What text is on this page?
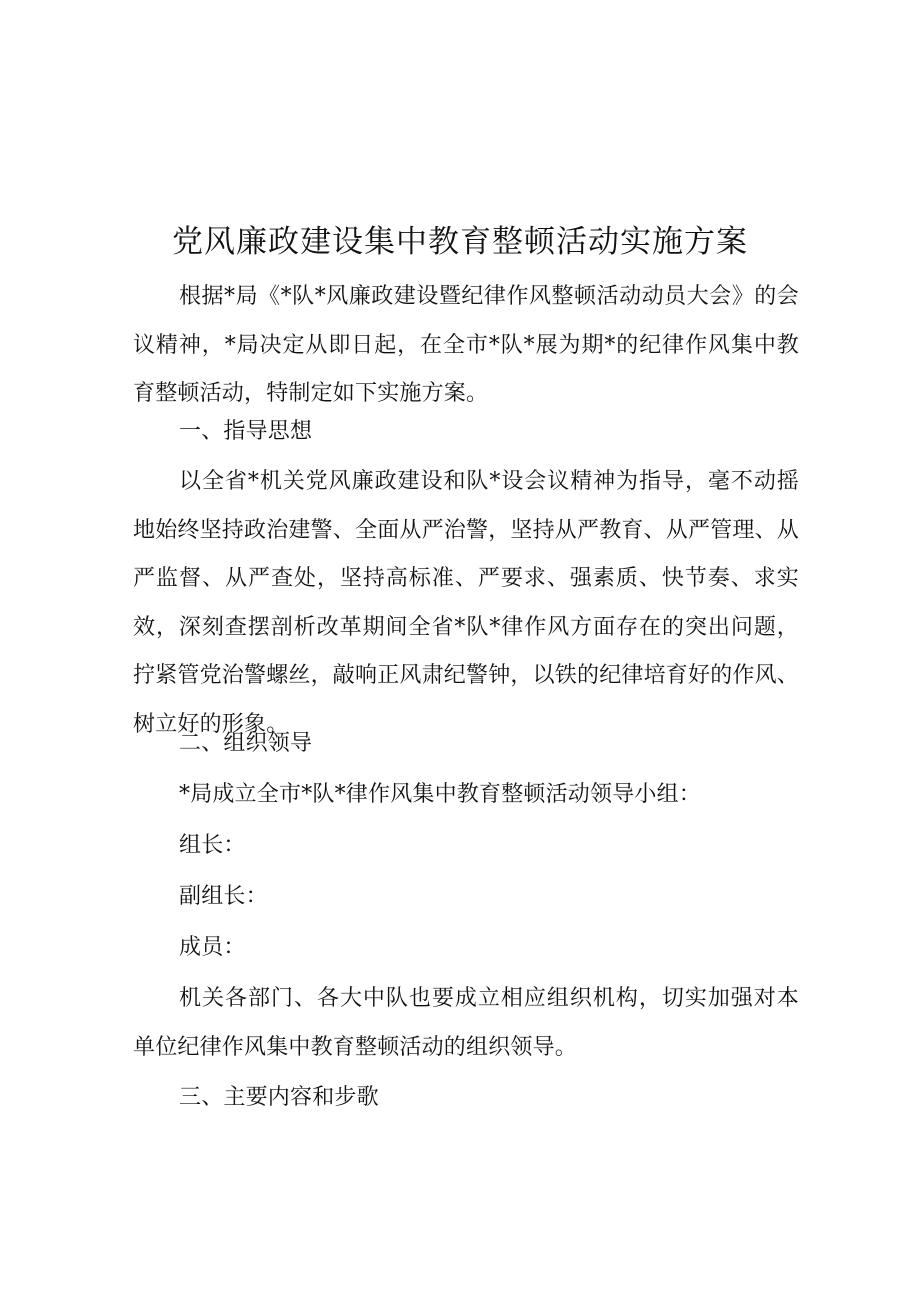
党风廉政建设集中教育整顿活动实施方案

根据*局《*队*风廉政建设暨纪律作风整顿活动动员大会》的会议精神，*局决定从即日起，在全市*队*展为期*的纪律作风集中教育整顿活动，特制定如下实施方案。

一、指导思想

以全省*机关党风廉政建设和队*设会议精神为指导，毫不动摇地始终坚持政治建警、全面从严治警，坚持从严教育、从严管理、从严监督、从严查处，坚持高标准、严要求、强素质、快节奏、求实效，深刻查摆剖析改革期间全省*队*律作风方面存在的突出问题，拧紧管党治警螺丝，敲响正风肃纪警钟，以铁的纪律培育好的作风、树立好的形象。

二、组织领导

*局成立全市*队*律作风集中教育整顿活动领导小组：

组长：

副组长：

成员：

机关各部门、各大中队也要成立相应组织机构，切实加强对本单位纪律作风集中教育整顿活动的组织领导。

三、主要内容和步歌
